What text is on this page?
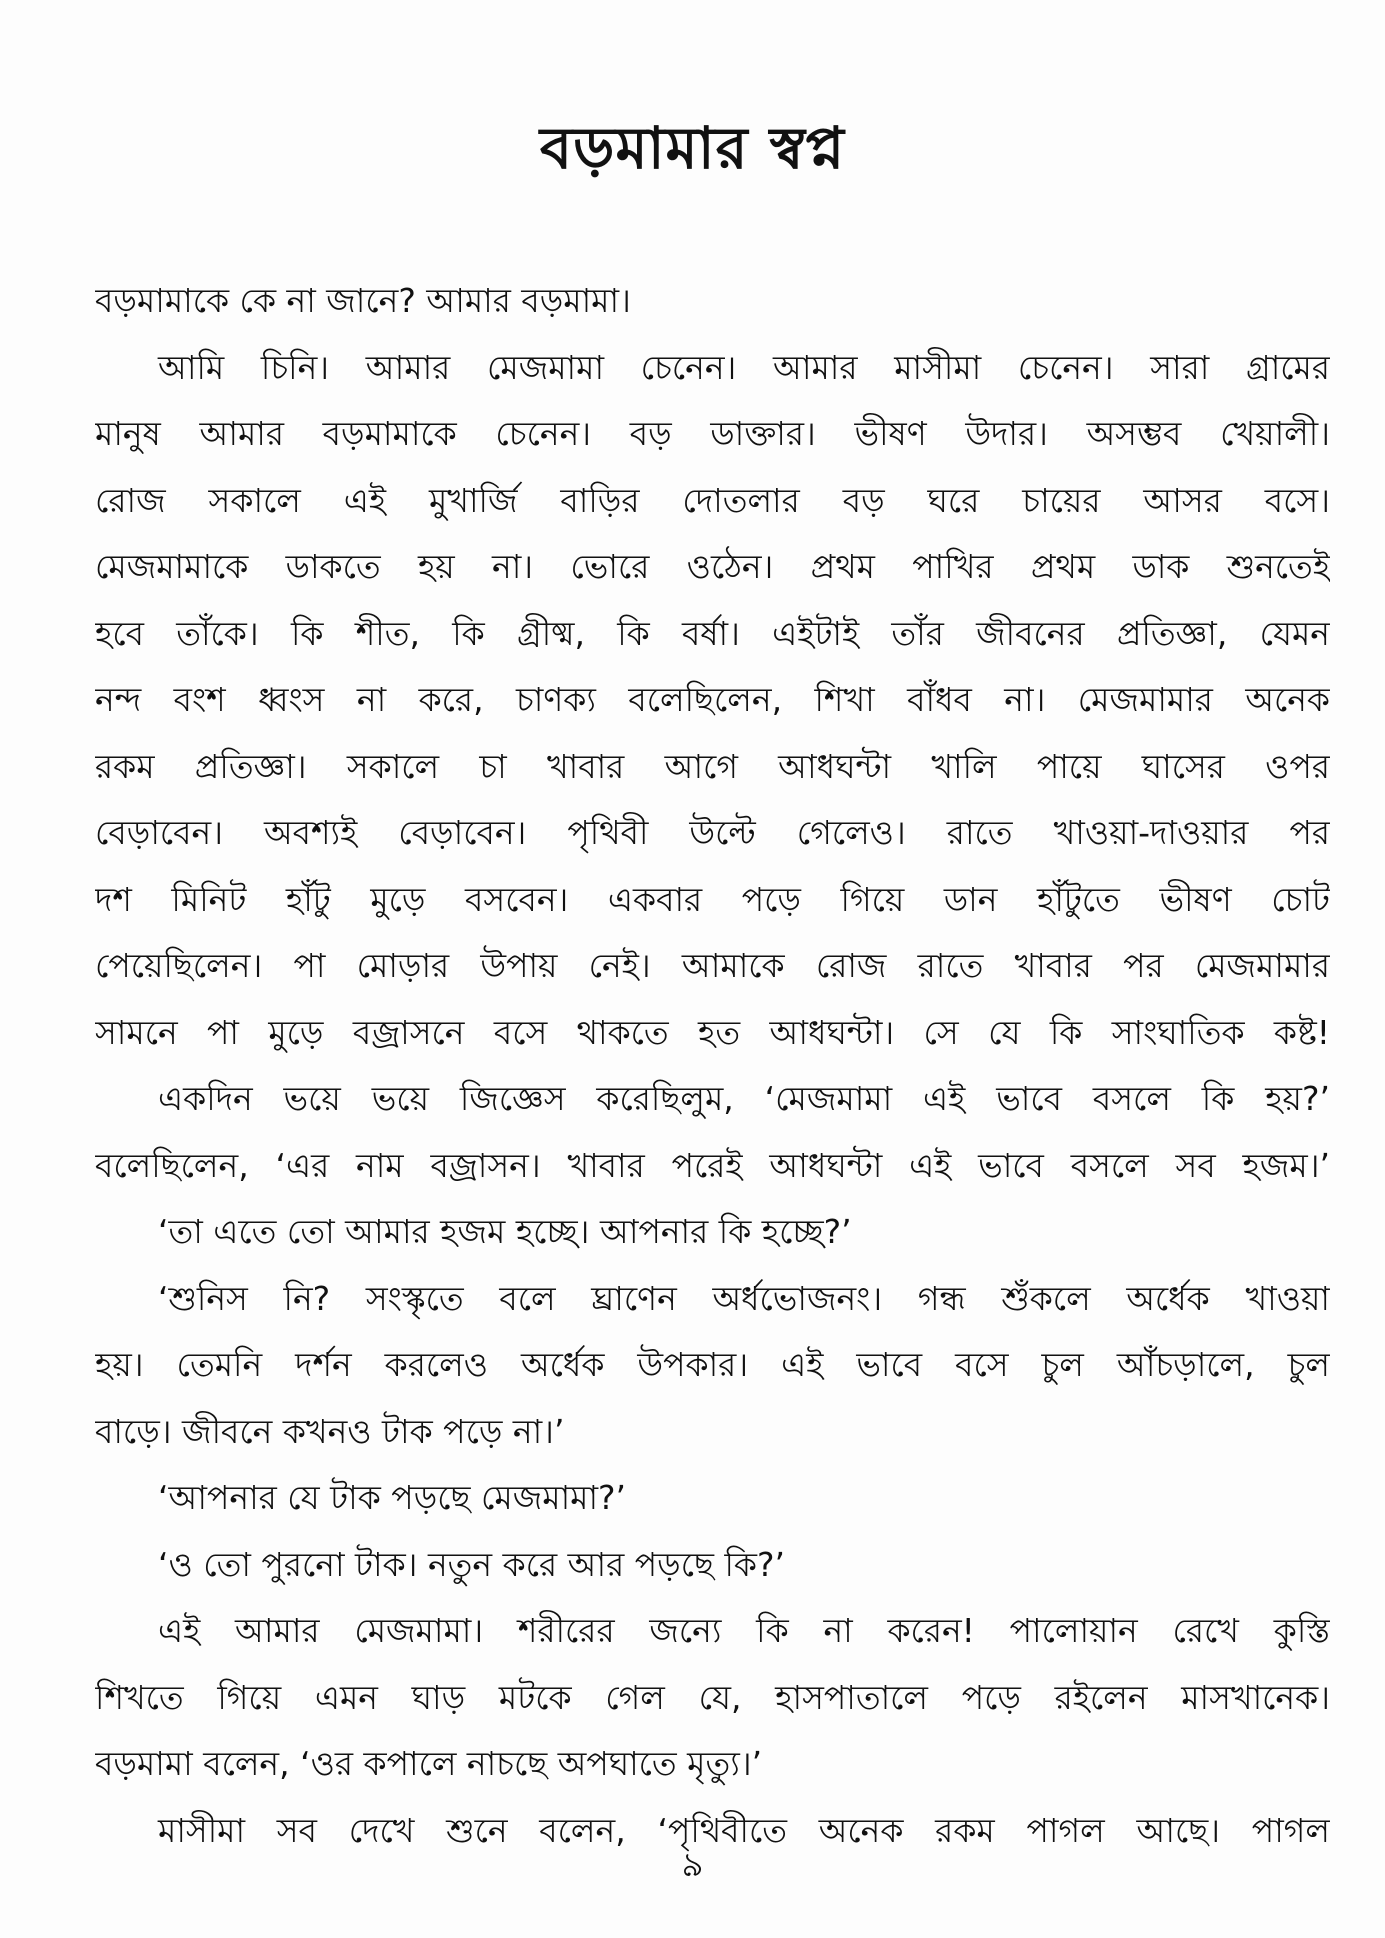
বড়মামার স্বপ্ন
বড়মামাকে কে না জানে? আমার বড়মামা।
আমি চিনি। আমার মেজমামা চেনেন। আমার মাসীমা চেনেন। সারা গ্রামের
মানুষ আমার বড়মামাকে চেনেন। বড় ডাক্তার। ভীষণ উদার। অসম্ভব খেয়ালী।
রোজ সকালে এই মুখার্জি বাড়ির দোতলার বড় ঘরে চায়ের আসর বসে।
মেজমামাকে ডাকতে হয় না। ভোরে ওঠেন। প্রথম পাখির প্রথম ডাক শুনতেই
হবে তাঁকে। কি শীত, কি গ্রীষ্ম, কি বর্ষা। এইটাই তাঁর জীবনের প্রতিজ্ঞা, যেমন
নন্দ বংশ ধ্বংস না করে, চাণক্য বলেছিলেন, শিখা বাঁধব না। মেজমামার অনেক
রকম প্রতিজ্ঞা। সকালে চা খাবার আগে আধঘন্টা খালি পায়ে ঘাসের ওপর
বেড়াবেন। অবশ্যই বেড়াবেন। পৃথিবী উল্টে গেলেও। রাতে খাওয়া-দাওয়ার পর
দশ মিনিট হাঁটু মুড়ে বসবেন। একবার পড়ে গিয়ে ডান হাঁটুতে ভীষণ চোট
পেয়েছিলেন। পা মোড়ার উপায় নেই। আমাকে রোজ রাতে খাবার পর মেজমামার
সামনে পা মুড়ে বজ্রাসনে বসে থাকতে হত আধঘন্টা। সে যে কি সাংঘাতিক কষ্ট!
একদিন ভয়ে ভয়ে জিজ্ঞেস করেছিলুম, ‘মেজমামা এই ভাবে বসলে কি হয়?’
বলেছিলেন, ‘এর নাম বজ্রাসন। খাবার পরেই আধঘন্টা এই ভাবে বসলে সব হজম।’
‘তা এতে তো আমার হজম হচ্ছে। আপনার কি হচ্ছে?’
‘শুনিস নি? সংস্কৃতে বলে ঘ্রাণেন অর্ধভোজনং। গন্ধ শুঁকলে অর্ধেক খাওয়া
হয়। তেমনি দর্শন করলেও অর্ধেক উপকার। এই ভাবে বসে চুল আঁচড়ালে, চুল
বাড়ে। জীবনে কখনও টাক পড়ে না।’
‘আপনার যে টাক পড়ছে মেজমামা?’
‘ও তো পুরনো টাক। নতুন করে আর পড়ছে কি?’
এই আমার মেজমামা। শরীরের জন্যে কি না করেন! পালোয়ান রেখে কুস্তি
শিখতে গিয়ে এমন ঘাড় মটকে গেল যে, হাসপাতালে পড়ে রইলেন মাসখানেক।
বড়মামা বলেন, ‘ওর কপালে নাচছে অপঘাতে মৃত্যু।’
মাসীমা সব দেখে শুনে বলেন, ‘পৃথিবীতে অনেক রকম পাগল আছে। পাগল
৯
